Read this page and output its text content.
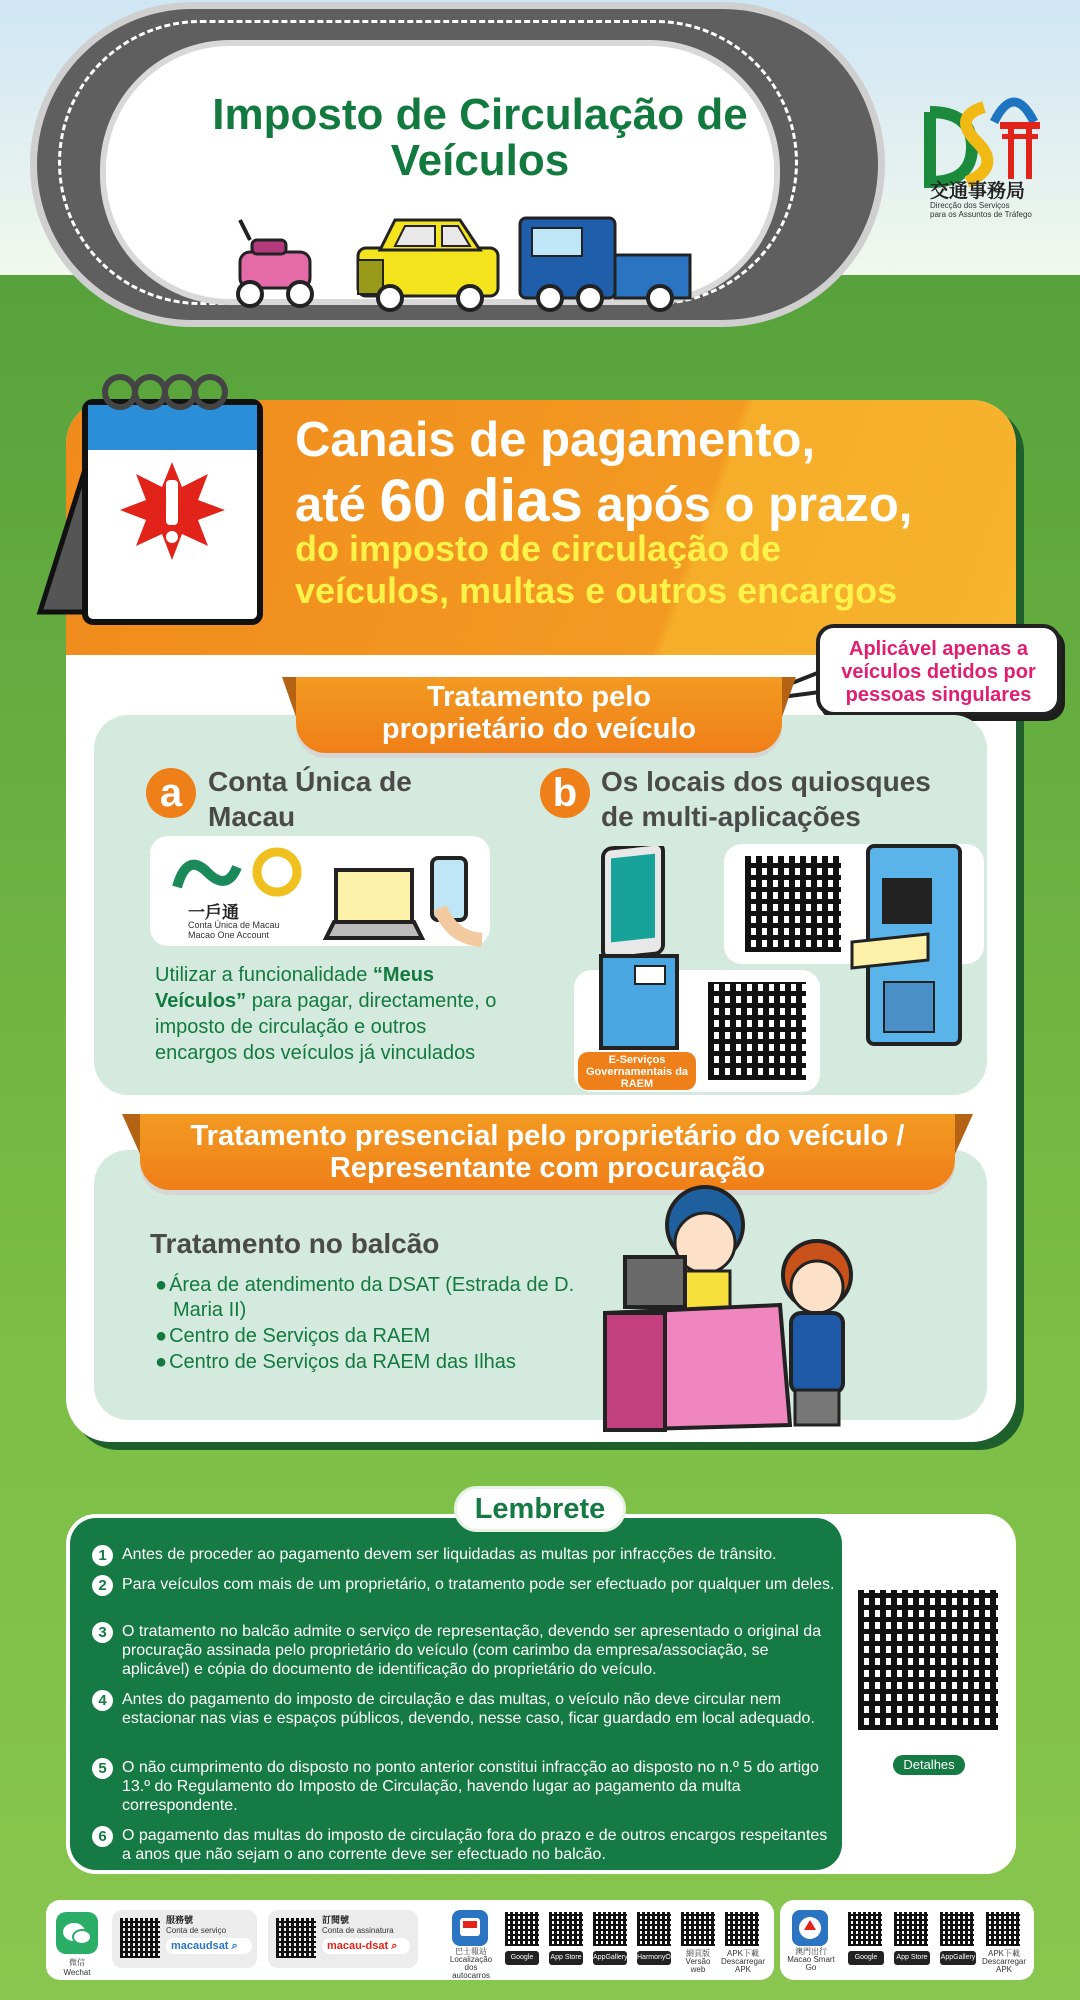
Imposto de Circulação de
Veículos
交通事務局
Direcção dos Serviços
para os Assuntos de Tráfego
Canais de pagamento,
até 60 dias após o prazo,
do imposto de circulação de
veículos, multas e outros encargos
Aplicável apenas a
veículos detidos por
pessoas singulares
Tratamento pelo
proprietário do veículo
a Conta Única de
Macau
一戶通
Conta Única de Macau
Macao One Account
Utilizar a funcionalidade “Meus Veículos” para pagar, directamente, o imposto de circulação e outros encargos dos veículos já vinculados
b Os locais dos quiosques
de multi-aplicações
E-Serviços Governamentais da RAEM
Tratamento presencial pelo proprietário do veículo /
Representante com procuração
Tratamento no balcão
● Área de atendimento da DSAT (Estrada de D. Maria II)
● Centro de Serviços da RAEM
● Centro de Serviços da RAEM das Ilhas
Lembrete
1 Antes de proceder ao pagamento devem ser liquidadas as multas por infracções de trânsito.
2 Para veículos com mais de um proprietário, o tratamento pode ser efectuado por qualquer um deles.
3 O tratamento no balcão admite o serviço de representação, devendo ser apresentado o original da procuração assinada pelo proprietário do veículo (com carimbo da empresa/associação, se aplicável) e cópia do documento de identificação do proprietário do veículo.
4 Antes do pagamento do imposto de circulação e das multas, o veículo não deve circular nem estacionar nas vias e espaços públicos, devendo, nesse caso, ficar guardado em local adequado.
5 O não cumprimento do disposto no ponto anterior constitui infracção ao disposto no n.º 5 do artigo 13.º do Regulamento do Imposto de Circulação, havendo lugar ao pagamento da multa correspondente.
6 O pagamento das multas do imposto de circulação fora do prazo e de outros encargos respeitantes a anos que não sejam o ano corrente deve ser efectuado no balcão.
Detalhes
微信
Wechat
服務號
Conta de serviço
macaudsat ⌕
訂閱號
Conta de assinatura
macau-dsat ⌕	巴士報站
Localização dos autocarros
Google Play
App Store AppGallery HarmonyOS	網頁版
Versão web
APK下載
Descarregar APK
澳門出行
Macao Smart Go
Google Play
App Store	AppGallery	APK下載
Descarregar APK
